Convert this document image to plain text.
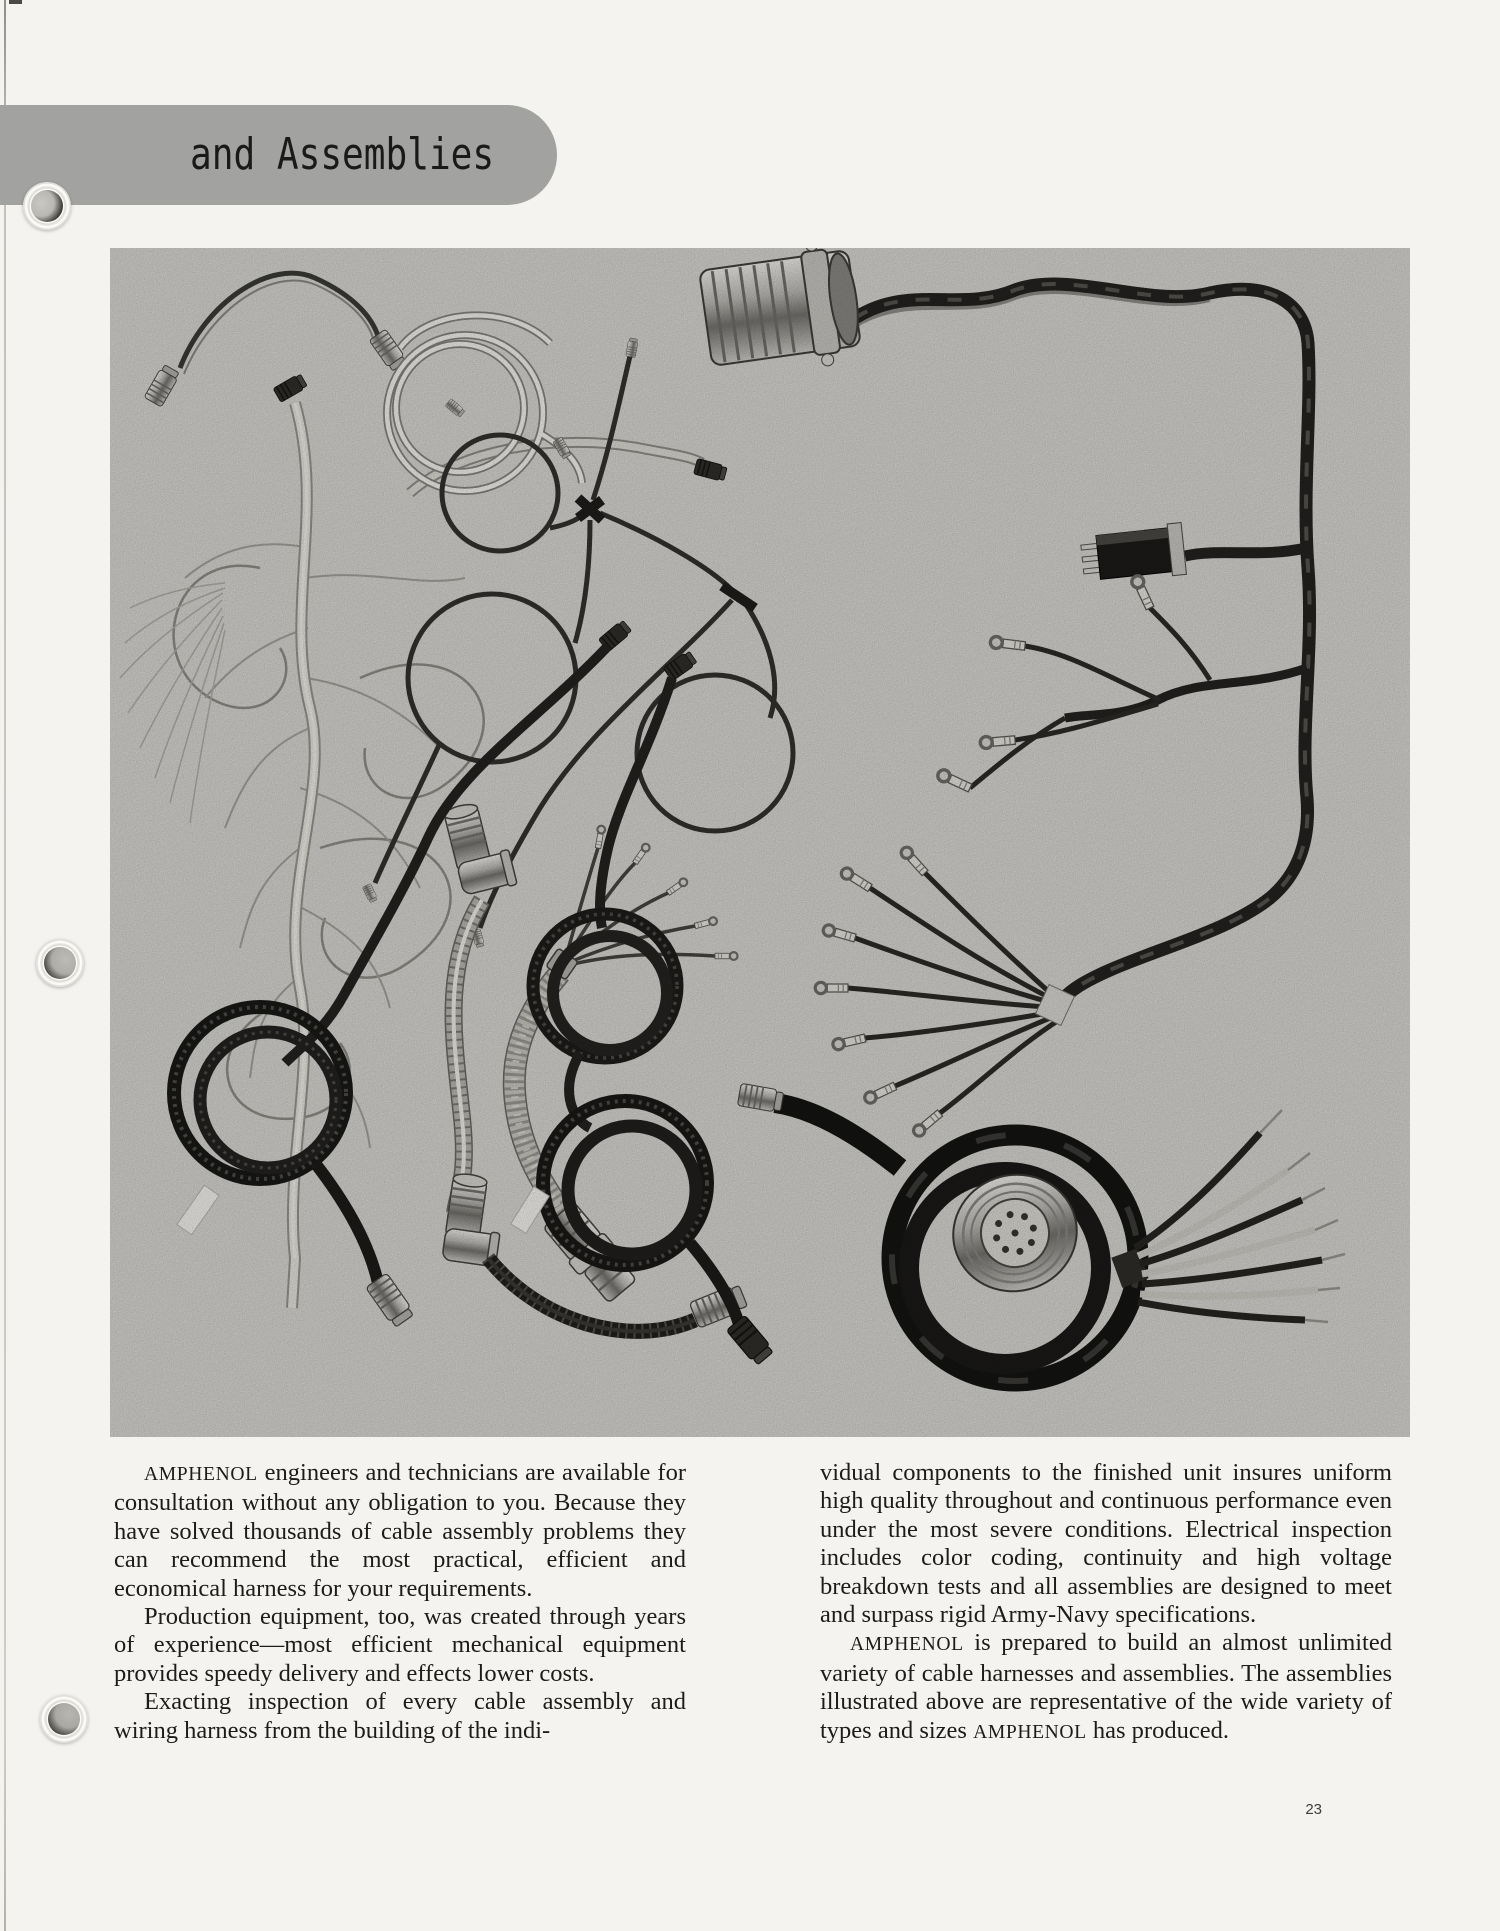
and Assemblies

AMPHENOL engineers and technicians are available for consultation without any obligation to you. Because they have solved thousands of cable assembly problems they can recommend the most practical, efficient and economical harness for your requirements.

Production equipment, too, was created through years of experience—most efficient mechanical equipment provides speedy delivery and effects lower costs.

Exacting inspection of every cable assembly and wiring harness from the building of the indi-

vidual components to the finished unit insures uniform high quality throughout and continuous performance even under the most severe conditions. Electrical inspection includes color coding, continuity and high voltage breakdown tests and all assemblies are designed to meet and surpass rigid Army-Navy specifications.

AMPHENOL is prepared to build an almost unlimited variety of cable harnesses and assemblies. The assemblies illustrated above are representative of the wide variety of types and sizes AMPHENOL has produced.

23
